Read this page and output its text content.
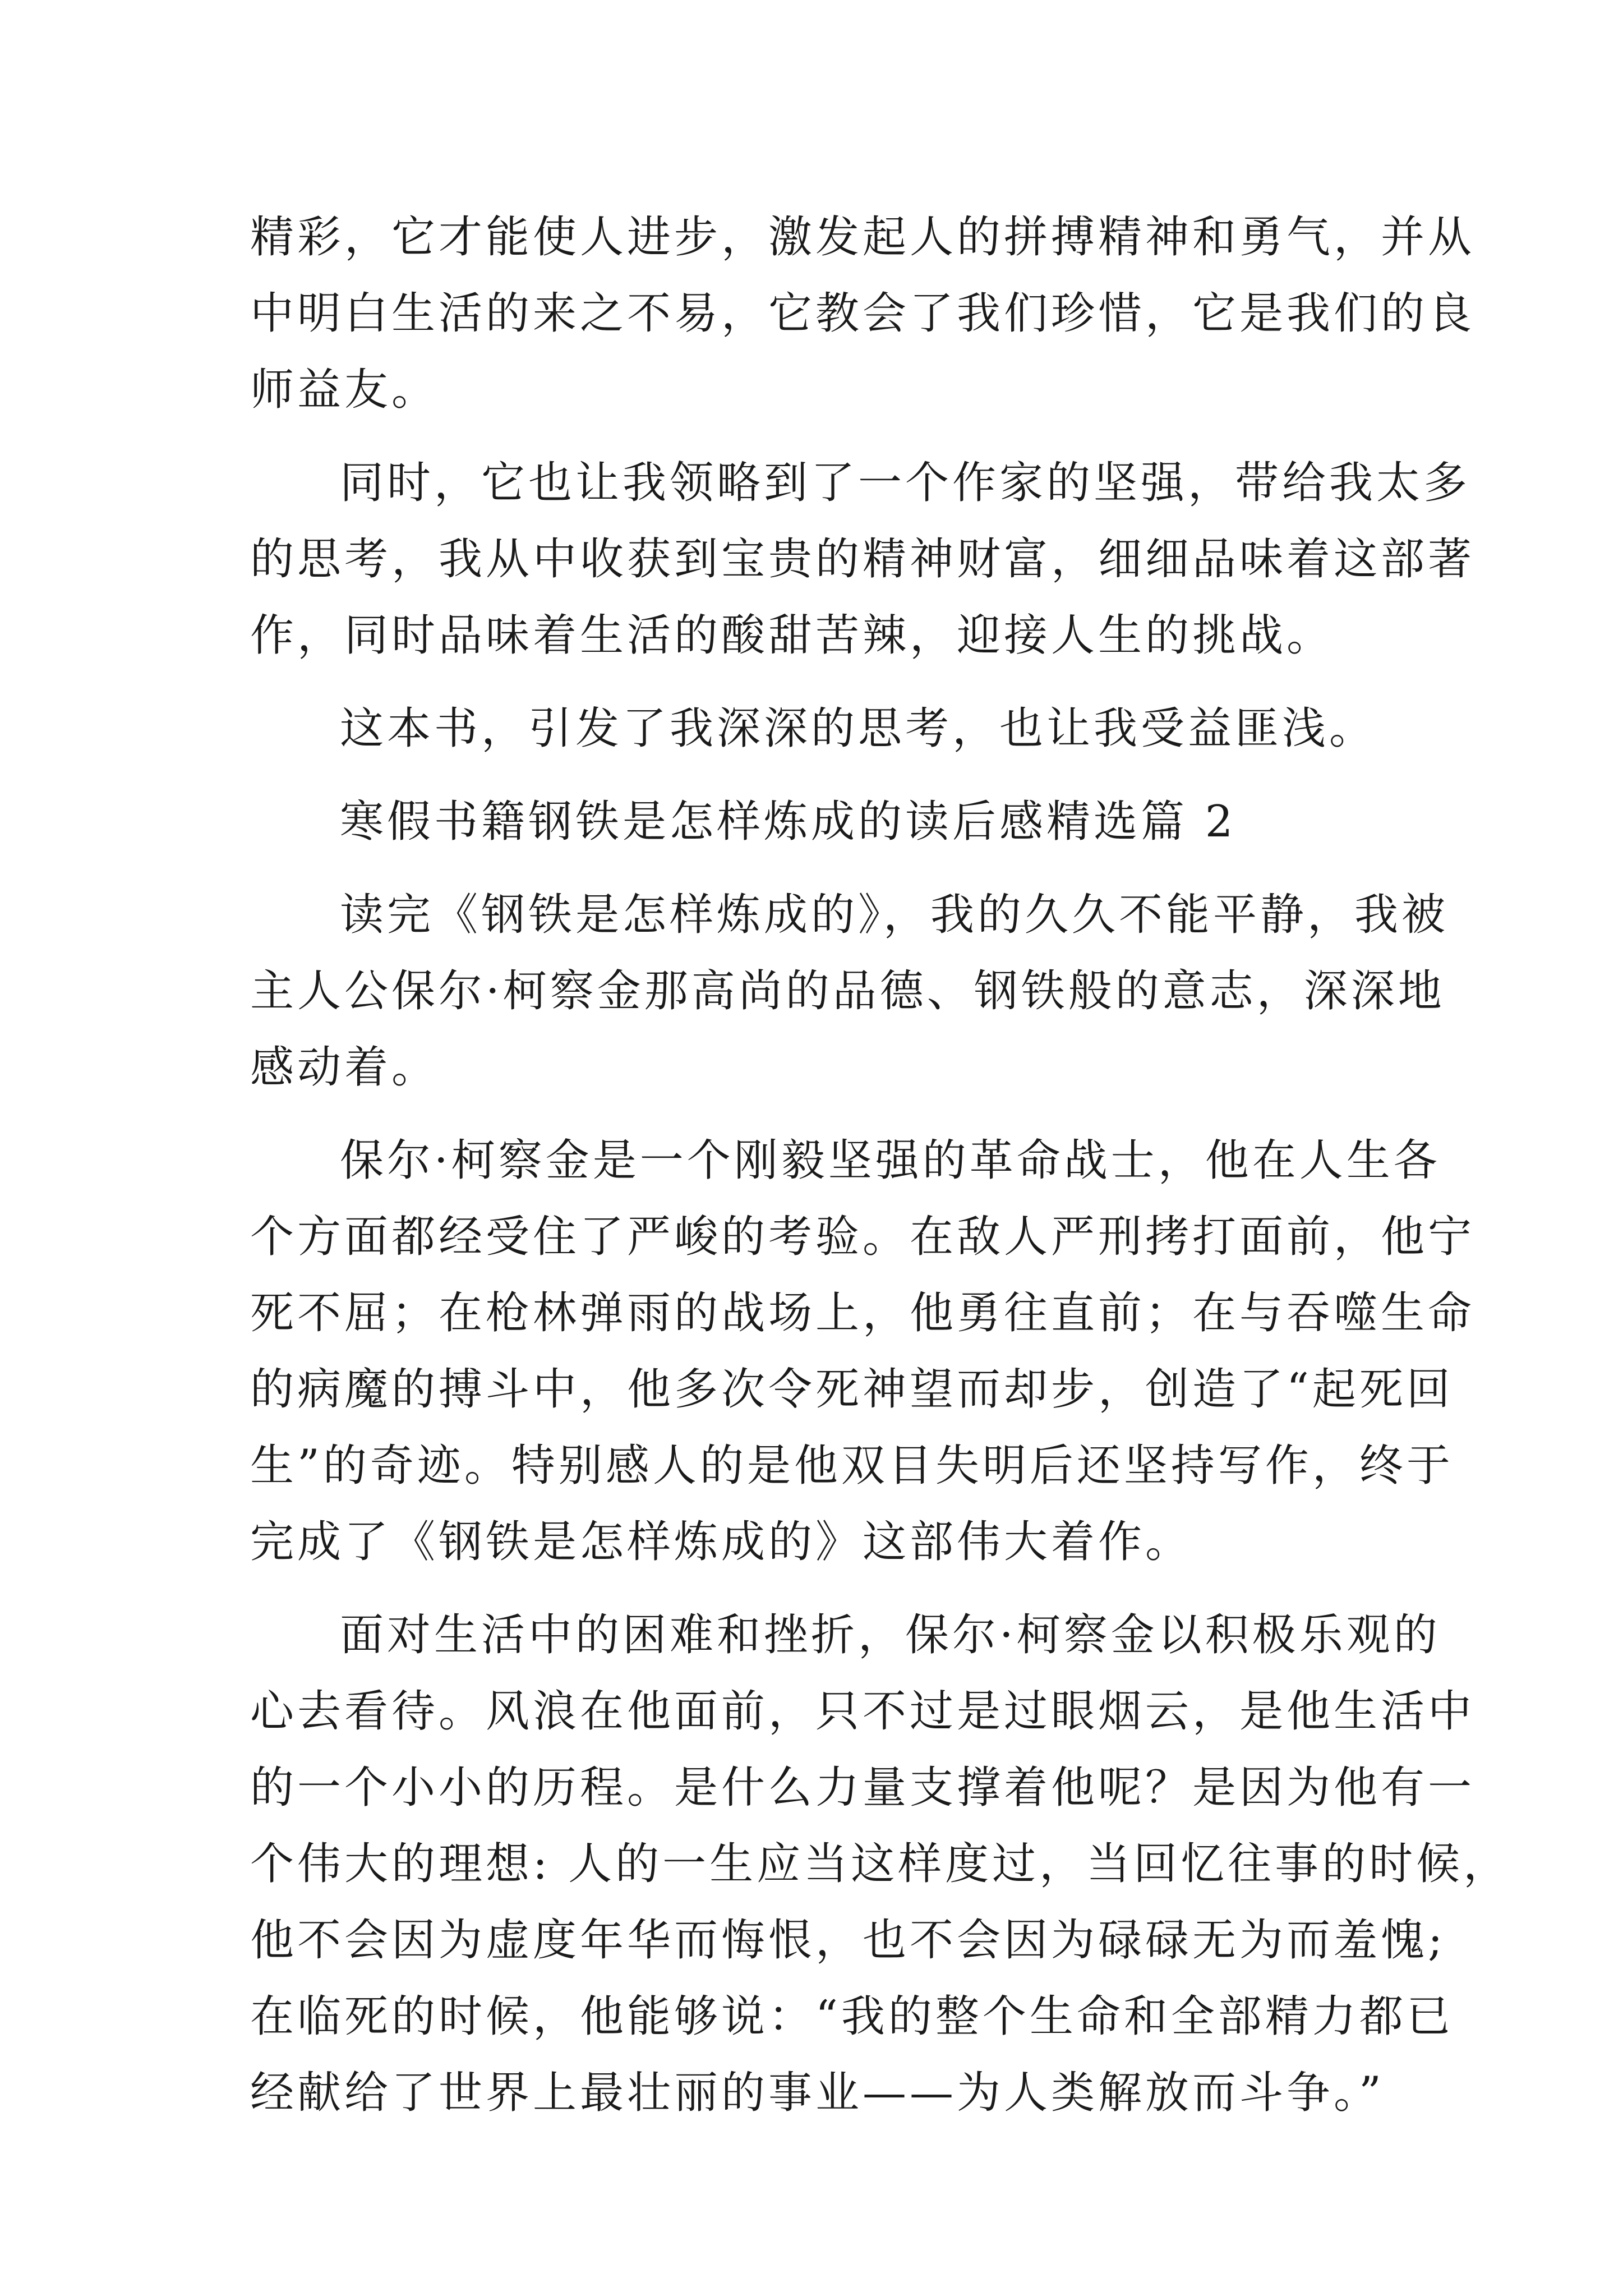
精彩，它才能使人进步，激发起人的拼搏精神和勇气，并从
中明白生活的来之不易，它教会了我们珍惜，它是我们的良
师益友。
同时，它也让我领略到了一个作家的坚强，带给我太多
的思考，我从中收获到宝贵的精神财富，细细品味着这部著
作，同时品味着生活的酸甜苦辣，迎接人生的挑战。
这本书，引发了我深深的思考，也让我受益匪浅。
寒假书籍钢铁是怎样炼成的读后感精选篇 2
读完《钢铁是怎样炼成的》，我的久久不能平静，我被
主人公保尔·柯察金那高尚的品德、钢铁般的意志，深深地
感动着。
保尔·柯察金是一个刚毅坚强的革命战士，他在人生各
个方面都经受住了严峻的考验。在敌人严刑拷打面前，他宁
死不屈；在枪林弹雨的战场上，他勇往直前；在与吞噬生命
的病魔的搏斗中，他多次令死神望而却步，创造了“起死回
生”的奇迹。特别感人的是他双目失明后还坚持写作，终于
完成了《钢铁是怎样炼成的》这部伟大着作。
面对生活中的困难和挫折，保尔·柯察金以积极乐观的
心去看待。风浪在他面前，只不过是过眼烟云，是他生活中
的一个小小的历程。是什么力量支撑着他呢？是因为他有一
个伟大的理想: 人的一生应当这样度过，当回忆往事的时候，
他不会因为虚度年华而悔恨，也不会因为碌碌无为而羞愧;
在临死的时候，他能够说：“我的整个生命和全部精力都已
经献给了世界上最壮丽的事业——为人类解放而斗争。”
